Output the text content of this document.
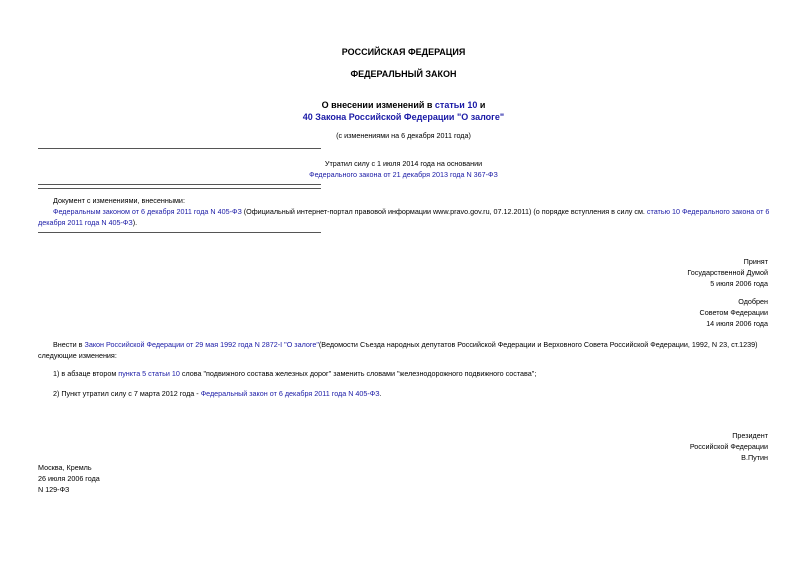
РОССИЙСКАЯ ФЕДЕРАЦИЯ
ФЕДЕРАЛЬНЫЙ ЗАКОН
О внесении изменений в статьи 10 и
40 Закона Российской Федерации "О залоге"
(с изменениями на 6 декабря 2011 года)
Утратил силу с 1 июля 2014 года на основании
Федерального закона от 21 декабря 2013 года N 367-ФЗ
Документ с изменениями, внесенными:
Федеральным законом от 6 декабря 2011 года N 405-ФЗ (Официальный интернет-портал правовой информации www.pravo.gov.ru, 07.12.2011) (о порядке вступления в силу см. статью 10 Федерального закона от 6 декабря 2011 года N 405-ФЗ).
Принят
Государственной Думой
5 июля 2006 года
Одобрен
Советом Федерации
14 июля 2006 года
Внести в Закон Российской Федерации от 29 мая 1992 года N 2872-I "О залоге"(Ведомости Съезда народных депутатов Российской Федерации и Верховного Совета Российской Федерации, 1992, N 23, ст.1239) следующие изменения:
1) в абзаце втором пункта 5 статьи 10 слова "подвижного состава железных дорог" заменить словами "железнодорожного подвижного состава";
2) Пункт утратил силу с 7 марта 2012 года - Федеральный закон от 6 декабря 2011 года N 405-ФЗ.
Президент
Российской Федерации
В.Путин
Москва, Кремль
26 июля 2006 года
N 129-ФЗ
